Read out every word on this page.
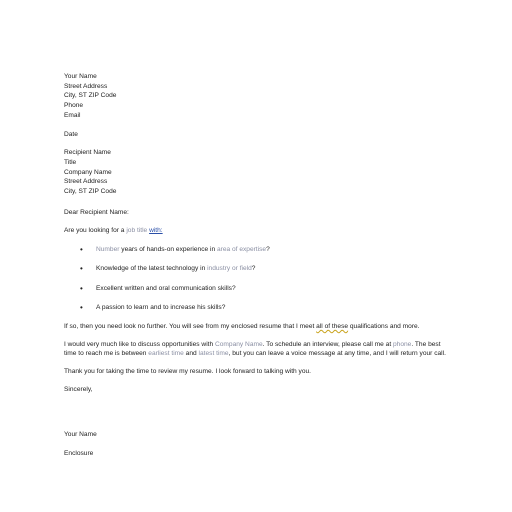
Your Name
Street Address
City, ST ZIP Code
Phone
Email
Date
Recipient Name
Title
Company Name
Street Address
City, ST ZIP Code
Dear Recipient Name:
Are you looking for a job title with:
• Number years of hands-on experience in area of expertise?
• Knowledge of the latest technology in industry or field?
• Excellent written and oral communication skills?
• A passion to learn and to increase his skills?

If so, then you need look no further. You will see from my enclosed resume that I meet all of these qualifications and more.

I would very much like to discuss opportunities with Company Name. To schedule an interview, please call me at phone. The best time to reach me is between earliest time and latest time, but you can leave a voice message at any time, and I will return your call.

Thank you for taking the time to review my resume. I look forward to talking with you.

Sincerely,
Your Name
Enclosure
